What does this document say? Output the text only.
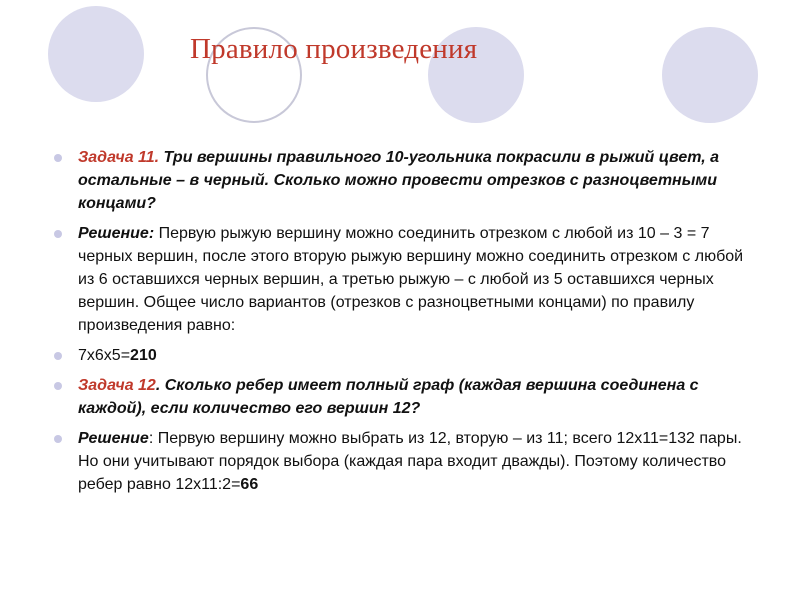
Правило произведения
Задача 11. Три вершины правильного 10-угольника покрасили в рыжий цвет, а остальные – в черный. Сколько можно провести отрезков с разноцветными концами?
Решение: Первую рыжую вершину можно соединить отрезком с любой из 10 – 3 = 7 черных вершин, после этого вторую рыжую вершину можно соединить отрезком с любой из 6 оставшихся черных вершин, а третью рыжую – с любой из 5 оставшихся черных вершин. Общее число вариантов (отрезков с разноцветными концами) по правилу произведения равно:
7х6х5=210
Задача 12. Сколько ребер имеет полный граф (каждая вершина соединена с каждой), если количество его вершин 12?
Решение: Первую вершину можно выбрать из 12, вторую – из 11; всего 12х11=132 пары. Но они учитывают порядок выбора (каждая пара входит дважды). Поэтому количество ребер равно 12х11:2=66
